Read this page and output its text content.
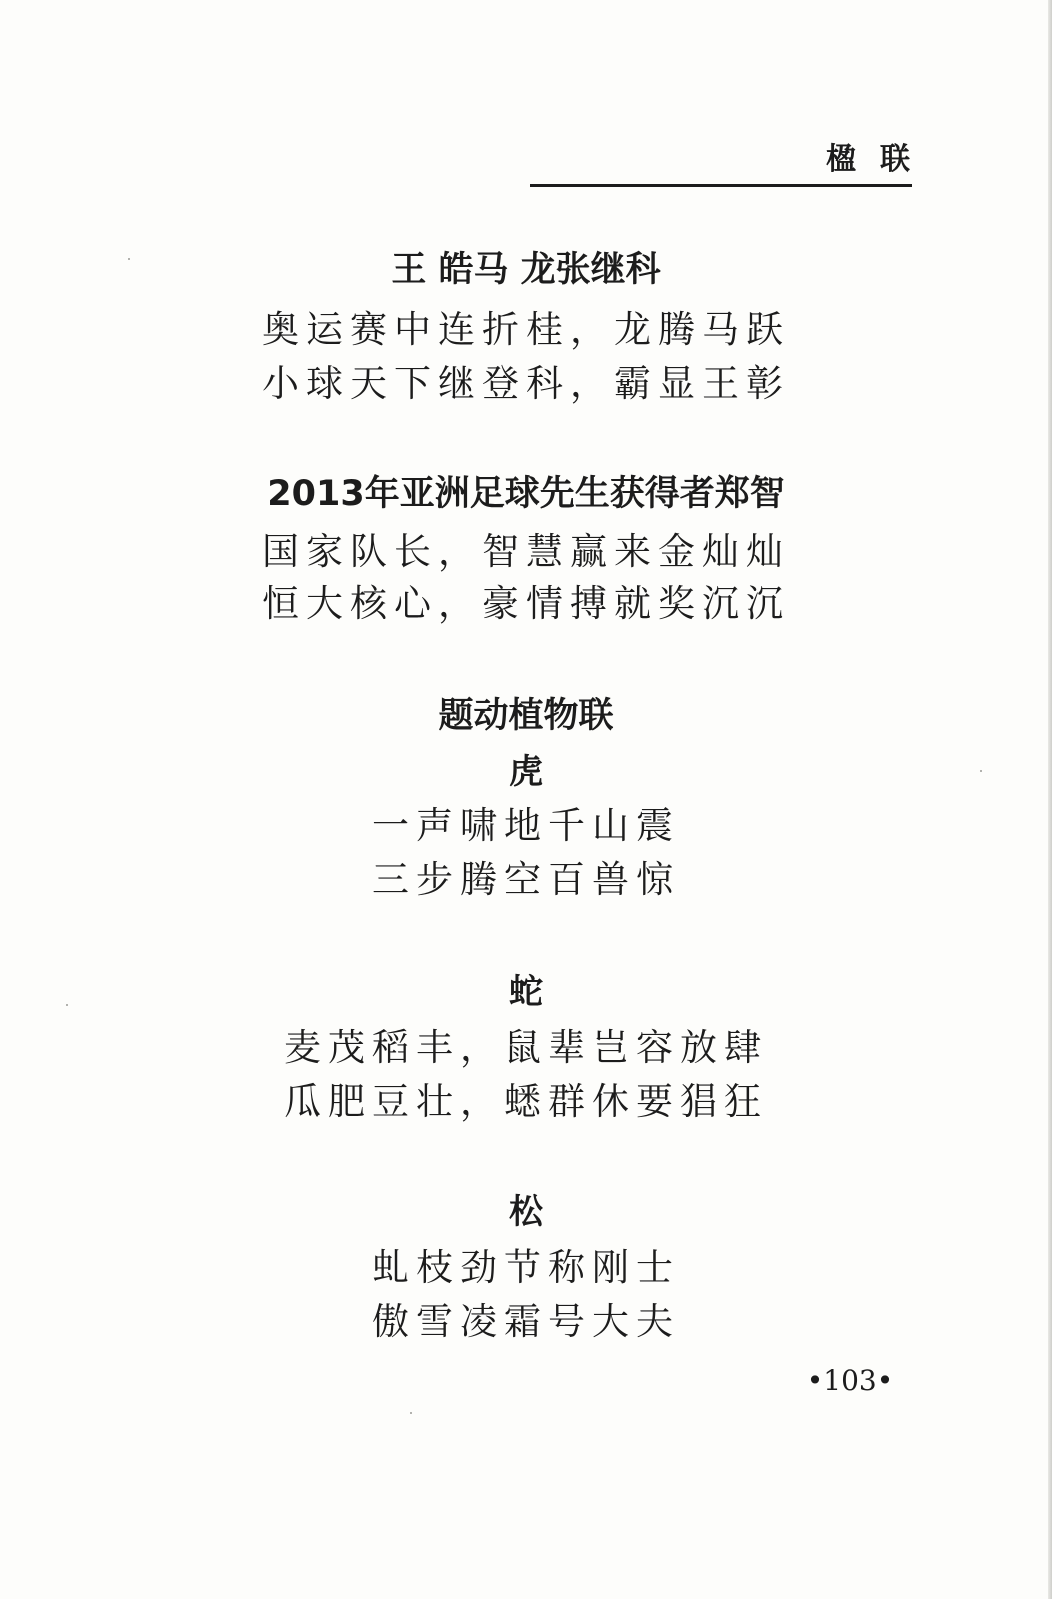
楹联
王 皓马 龙张继科
奥运赛中连折桂，龙腾马跃
小球天下继登科，霸显王彰
2013年亚洲足球先生获得者郑智
国家队长，智慧赢来金灿灿
恒大核心，豪情搏就奖沉沉
题动植物联
虎
一声啸地千山震
三步腾空百兽惊
蛇
麦茂稻丰，鼠辈岂容放肆
瓜肥豆壮，蟋群休要猖狂
松
虬枝劲节称刚士
傲雪凌霜号大夫
•103•
